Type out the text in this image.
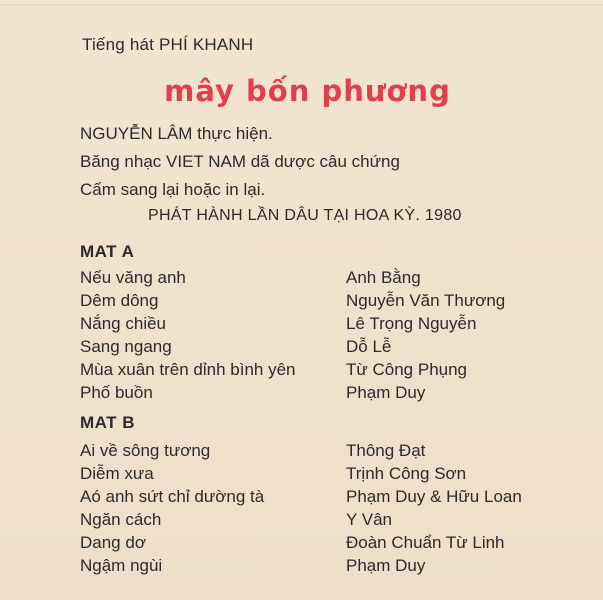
Tiếng hát PHÍ KHANH
mây bốn phương
NGUYỄN LÂM thực hiện.
Băng nhạc VIET NAM dã dược câu chứng
Cấm sang lại hoặc in lại.
PHÁT HÀNH LẦN DÂU TẠI HOA KỲ. 1980
MAT A
Nếu văng anh	Anh Bằng
Dêm dông	Nguyễn Văn Thương
Nắng chiều	Lê Trọng Nguyễn
Sang ngang	Dỗ Lễ
Mùa xuân trên dỉnh bình yên	Từ Công Phụng
Phố buồn	Phạm Duy
MAT B
Ai về sông tương	Thông Đạt
Diễm xưa	Trịnh Công Sơn
Aó anh sứt chỉ dường tà	Phạm Duy & Hữu Loan
Ngăn cách	Y Vân
Dang dơ	Đoàn Chuẩn Từ Linh
Ngậm ngùi	Phạm Duy
